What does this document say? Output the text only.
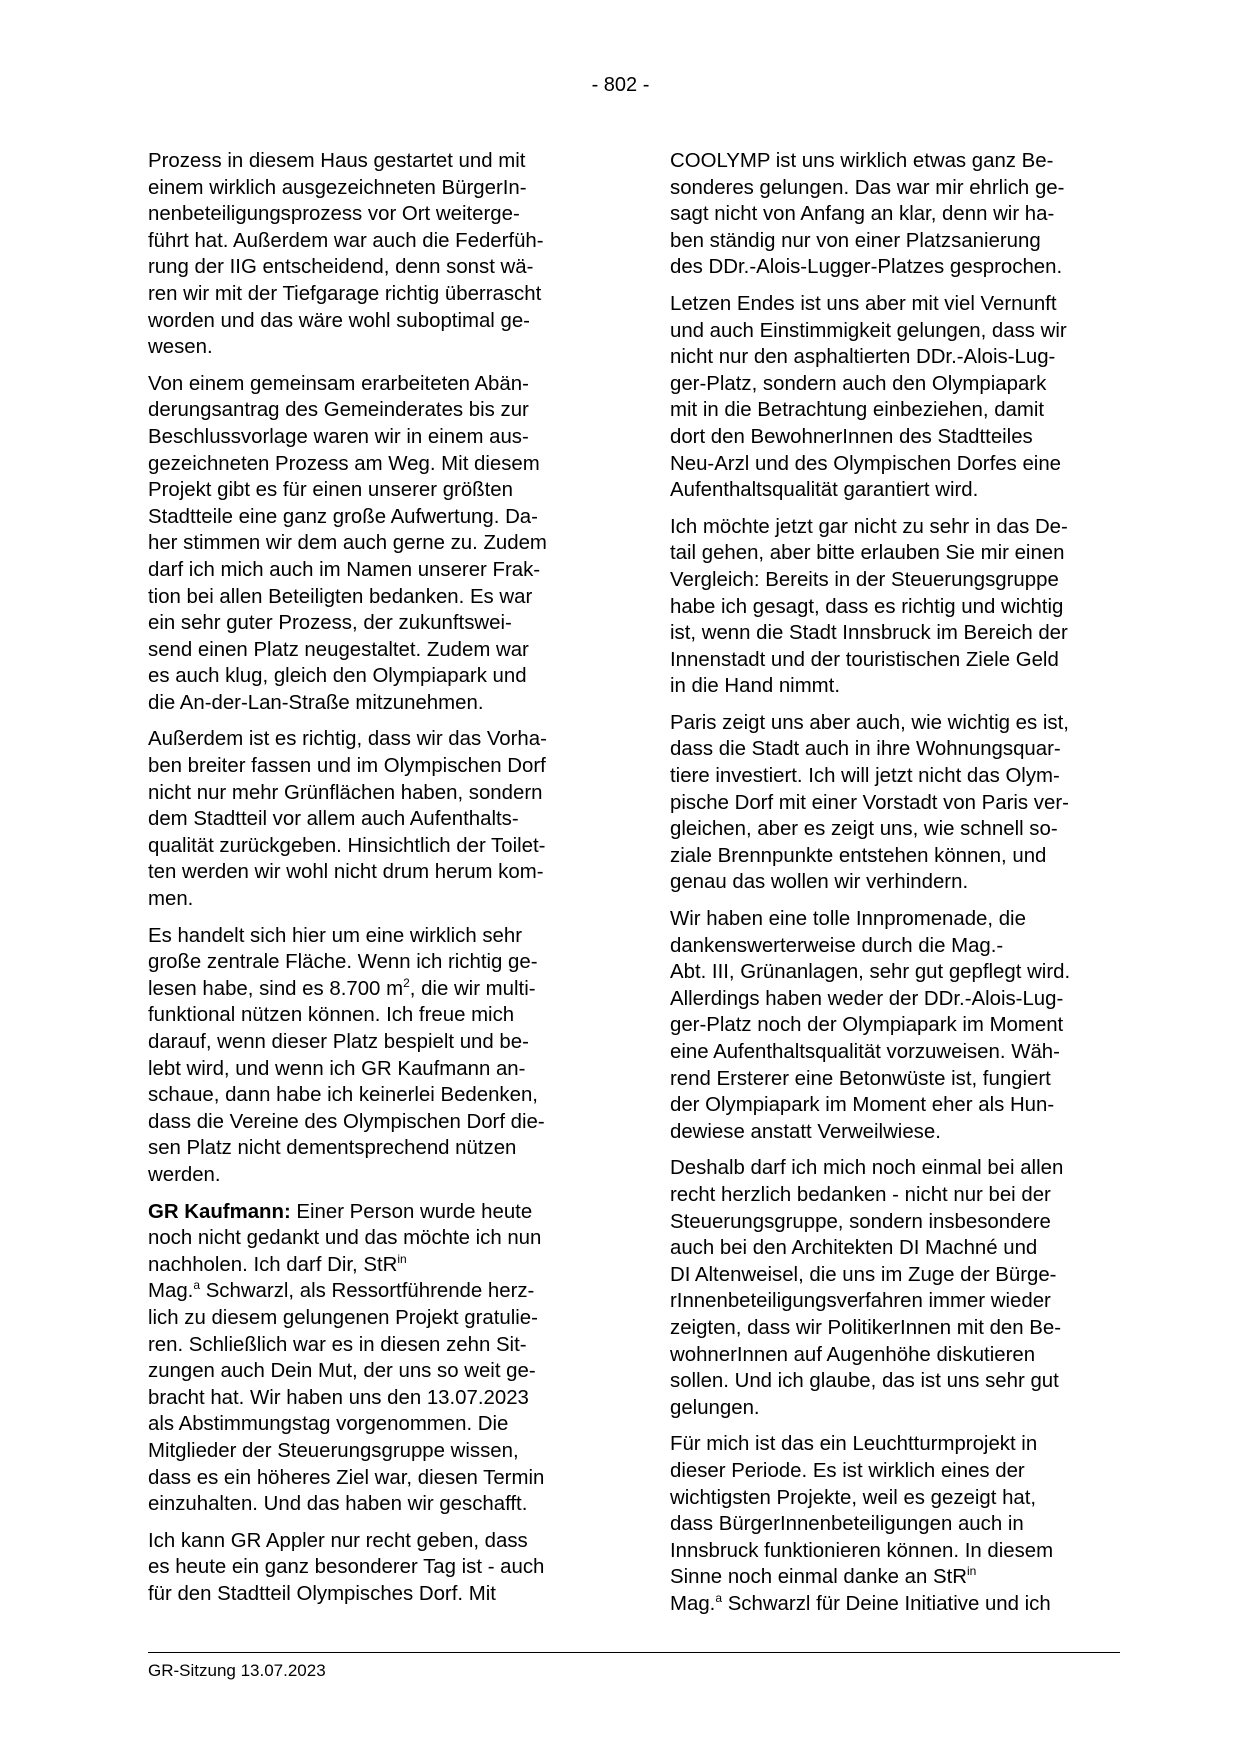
- 802 -

Prozess in diesem Haus gestartet und mit
einem wirklich ausgezeichneten BürgerIn-
nenbeteiligungsprozess vor Ort weiterge-
führt hat. Außerdem war auch die Federfüh-
rung der IIG entscheidend, denn sonst wä-
ren wir mit der Tiefgarage richtig überrascht
worden und das wäre wohl suboptimal ge-
wesen.

Von einem gemeinsam erarbeiteten Abän-
derungsantrag des Gemeinderates bis zur
Beschlussvorlage waren wir in einem aus-
gezeichneten Prozess am Weg. Mit diesem
Projekt gibt es für einen unserer größten
Stadtteile eine ganz große Aufwertung. Da-
her stimmen wir dem auch gerne zu. Zudem
darf ich mich auch im Namen unserer Frak-
tion bei allen Beteiligten bedanken. Es war
ein sehr guter Prozess, der zukunftswei-
send einen Platz neugestaltet. Zudem war
es auch klug, gleich den Olympiapark und
die An-der-Lan-Straße mitzunehmen.

Außerdem ist es richtig, dass wir das Vorha-
ben breiter fassen und im Olympischen Dorf
nicht nur mehr Grünflächen haben, sondern
dem Stadtteil vor allem auch Aufenthalts-
qualität zurückgeben. Hinsichtlich der Toilet-
ten werden wir wohl nicht drum herum kom-
men.

Es handelt sich hier um eine wirklich sehr
große zentrale Fläche. Wenn ich richtig ge-
lesen habe, sind es 8.700 $m^2$, die wir multi-
funktional nützen können. Ich freue mich
darauf, wenn dieser Platz bespielt und be-
lebt wird, und wenn ich GR Kaufmann an-
schaue, dann habe ich keinerlei Bedenken,
dass die Vereine des Olympischen Dorf die-
sen Platz nicht dementsprechend nützen
werden.

GR Kaufmann: Einer Person wurde heute
noch nicht gedankt und das möchte ich nun
nachholen. Ich darf Dir, StR$^{in}$
Mag.$^a$ Schwarzl, als Ressortführende herz-
lich zu diesem gelungenen Projekt gratulie-
ren. Schließlich war es in diesen zehn Sit-
zungen auch Dein Mut, der uns so weit ge-
bracht hat. Wir haben uns den 13.07.2023
als Abstimmungstag vorgenommen. Die
Mitglieder der Steuerungsgruppe wissen,
dass es ein höheres Ziel war, diesen Termin
einzuhalten. Und das haben wir geschafft.

Ich kann GR Appler nur recht geben, dass
es heute ein ganz besonderer Tag ist - auch
für den Stadtteil Olympisches Dorf. Mit

COOLYMP ist uns wirklich etwas ganz Be-
sonderes gelungen. Das war mir ehrlich ge-
sagt nicht von Anfang an klar, denn wir ha-
ben ständig nur von einer Platzsanierung
des DDr.-Alois-Lugger-Platzes gesprochen.

Letzen Endes ist uns aber mit viel Vernunft
und auch Einstimmigkeit gelungen, dass wir
nicht nur den asphaltierten DDr.-Alois-Lug-
ger-Platz, sondern auch den Olympiapark
mit in die Betrachtung einbeziehen, damit
dort den BewohnerInnen des Stadtteiles
Neu-Arzl und des Olympischen Dorfes eine
Aufenthaltsqualität garantiert wird.

Ich möchte jetzt gar nicht zu sehr in das De-
tail gehen, aber bitte erlauben Sie mir einen
Vergleich: Bereits in der Steuerungsgruppe
habe ich gesagt, dass es richtig und wichtig
ist, wenn die Stadt Innsbruck im Bereich der
Innenstadt und der touristischen Ziele Geld
in die Hand nimmt.

Paris zeigt uns aber auch, wie wichtig es ist,
dass die Stadt auch in ihre Wohnungsquar-
tiere investiert. Ich will jetzt nicht das Olym-
pische Dorf mit einer Vorstadt von Paris ver-
gleichen, aber es zeigt uns, wie schnell so-
ziale Brennpunkte entstehen können, und
genau das wollen wir verhindern.

Wir haben eine tolle Innpromenade, die
dankenswerterweise durch die Mag.-
Abt. III, Grünanlagen, sehr gut gepflegt wird.
Allerdings haben weder der DDr.-Alois-Lug-
ger-Platz noch der Olympiapark im Moment
eine Aufenthaltsqualität vorzuweisen. Wäh-
rend Ersterer eine Betonwüste ist, fungiert
der Olympiapark im Moment eher als Hun-
dewiese anstatt Verweilwiese.

Deshalb darf ich mich noch einmal bei allen
recht herzlich bedanken - nicht nur bei der
Steuerungsgruppe, sondern insbesondere
auch bei den Architekten DI Machné und
DI Altenweisel, die uns im Zuge der Bürge-
rInnenbeteiligungsverfahren immer wieder
zeigten, dass wir PolitikerInnen mit den Be-
wohnerInnen auf Augenhöhe diskutieren
sollen. Und ich glaube, das ist uns sehr gut
gelungen.

Für mich ist das ein Leuchtturmprojekt in
dieser Periode. Es ist wirklich eines der
wichtigsten Projekte, weil es gezeigt hat,
dass BürgerInnenbeteiligungen auch in
Innsbruck funktionieren können. In diesem
Sinne noch einmal danke an StR$^{in}$
Mag.$^a$ Schwarzl für Deine Initiative und ich

GR-Sitzung 13.07.2023
